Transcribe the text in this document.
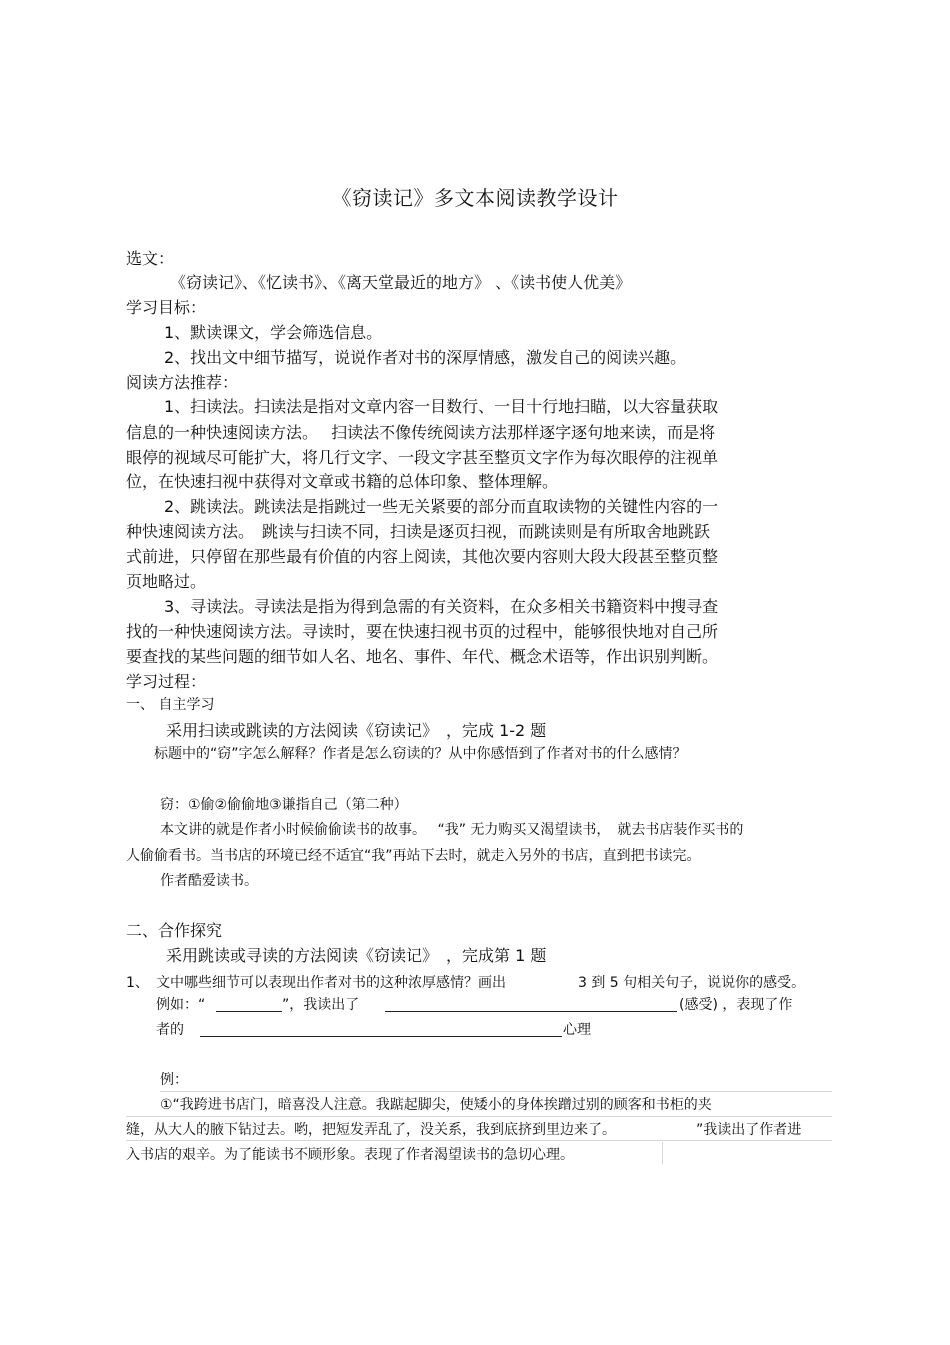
《窃读记》多文本阅读教学设计
选文：
《窃读记》、《忆读书》、《离天堂最近的地方》 、《读书使人优美》
学习目标：
1、默读课文，学会筛选信息。
2、找出文中细节描写，说说作者对书的深厚情感，激发自己的阅读兴趣。
阅读方法推荐：
1、扫读法。扫读法是指对文章内容一目数行、一目十行地扫瞄，以大容量获取
信息的一种快速阅读方法。　 扫读法不像传统阅读方法那样逐字逐句地来读，而是将
眼停的视域尽可能扩大，将几行文字、一段文字甚至整页文字作为每次眼停的注视单
位，在快速扫视中获得对文章或书籍的总体印象、整体理解。
2、跳读法。跳读法是指跳过一些无关紧要的部分而直取读物的关键性内容的一
种快速阅读方法。　跳读与扫读不同，扫读是逐页扫视，而跳读则是有所取舍地跳跃
式前进，只停留在那些最有价值的内容上阅读，其他次要内容则大段大段甚至整页整
页地略过。
3、寻读法。寻读法是指为得到急需的有关资料，在众多相关书籍资料中搜寻查
找的一种快速阅读方法。寻读时，要在快速扫视书页的过程中，能够很快地对自己所
要查找的某些问题的细节如人名、地名、事件、年代、概念术语等，作出识别判断。
学习过程：
一、 自主学习
采用扫读或跳读的方法阅读《窃读记》　，完成 1-2 题
标题中的“窃”字怎么解释？作者是怎么窃读的？从中你感悟到了作者对书的什么感情？
窃：①偷②偷偷地③谦指自己（第二种）
本文讲的就是作者小时候偷偷读书的故事。　 “我” 无力购买又渴望读书，　就去书店装作买书的
人偷偷看书。当书店的环境已经不适宜“我”再站下去时，就走入另外的书店，直到把书读完。
作者酷爱读书。
二、合作探究
采用跳读或寻读的方法阅读《窃读记》　，完成第 1 题
1、 文中哪些细节可以表现出作者对书的这种浓厚感情？画出	3 到 5 句相关句子，说说你的感受。
例如：“	”，我读出了	(感受) ，表现了作
者的	心理
例：
①“我跨进书店门，暗喜没人注意。我踮起脚尖，使矮小的身体挨蹭过别的顾客和书柜的夹
缝，从大人的腋下钻过去。哟，把短发弄乱了，没关系，我到底挤到里边来了。	”我读出了作者进
入书店的艰辛。为了能读书不顾形象。表现了作者渴望读书的急切心理。
